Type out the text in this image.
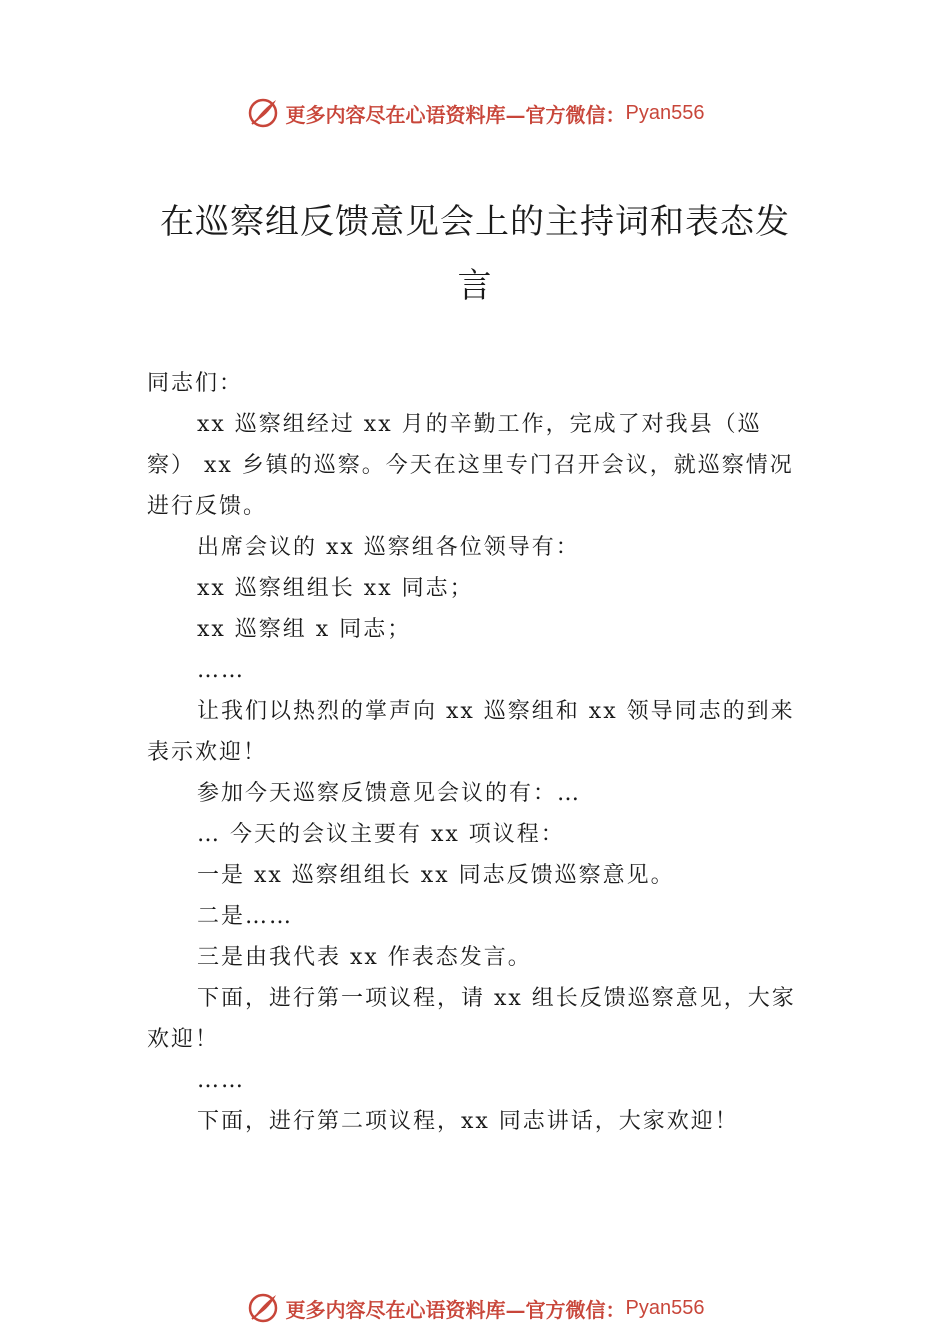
更多内容尽在心语资料库—官方微信： Pyan556
在巡察组反馈意见会上的主持词和表态发言

同志们：

xx 巡察组经过 xx 月的辛勤工作，完成了对我县（巡察） xx 乡镇的巡察。今天在这里专门召开会议，就巡察情况进行反馈。

出席会议的 xx 巡察组各位领导有：

xx 巡察组组长 xx 同志；

xx 巡察组 x 同志；

……

让我们以热烈的掌声向 xx 巡察组和 xx 领导同志的到来表示欢迎！

参加今天巡察反馈意见会议的有：…

… 今天的会议主要有 xx 项议程：

一是 xx 巡察组组长 xx 同志反馈巡察意见。

二是……

三是由我代表 xx 作表态发言。

下面，进行第一项议程，请 xx 组长反馈巡察意见，大家欢迎！

……

下面，进行第二项议程，xx 同志讲话，大家欢迎！

更多内容尽在心语资料库—官方微信： Pyan556
